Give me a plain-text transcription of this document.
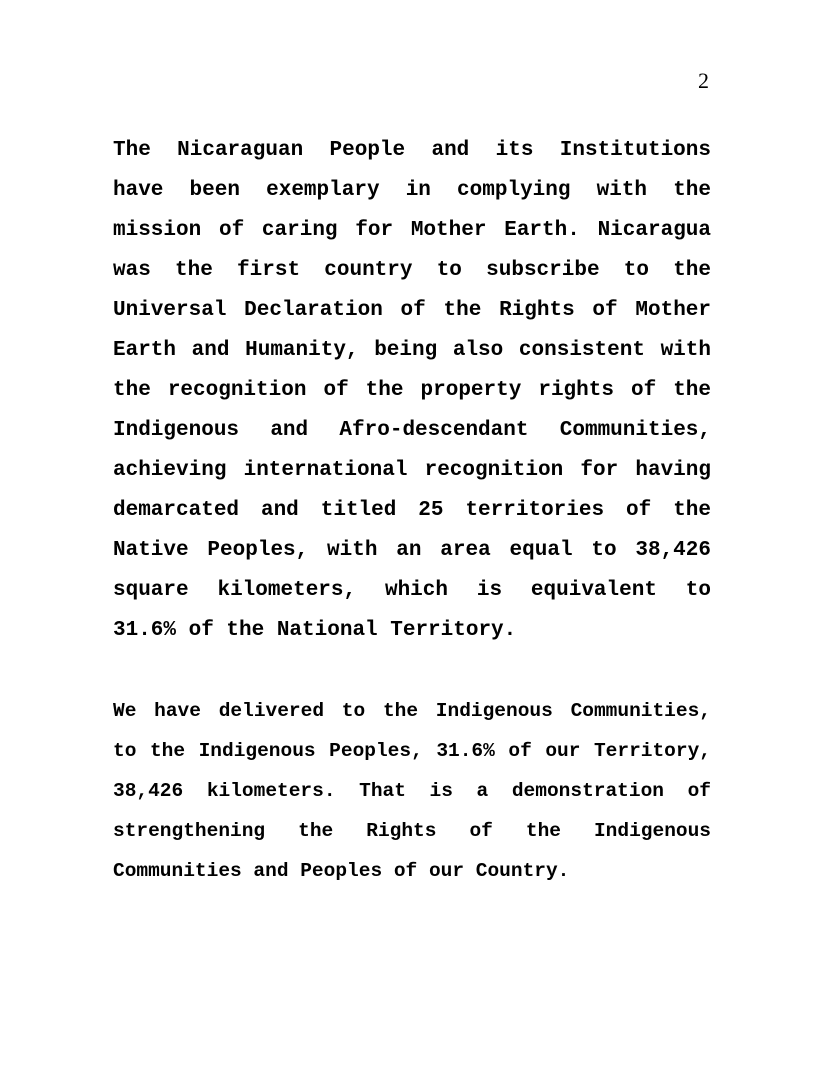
2
The Nicaraguan People and its Institutions
have been exemplary in complying with the
mission of caring for Mother Earth. Nicaragua
was the first country to subscribe to the
Universal Declaration of the Rights of Mother
Earth and Humanity, being also consistent with
the recognition of the property rights of the
Indigenous and Afro-descendant Communities,
achieving international recognition for having
demarcated and titled 25 territories of the
Native Peoples, with an area equal to 38,426
square kilometers, which is equivalent to
31.6% of the National Territory.
We have delivered to the Indigenous Communities,
to the Indigenous Peoples, 31.6% of our Territory,
38,426 kilometers. That is a demonstration of
strengthening the Rights of the Indigenous
Communities and Peoples of our Country.
